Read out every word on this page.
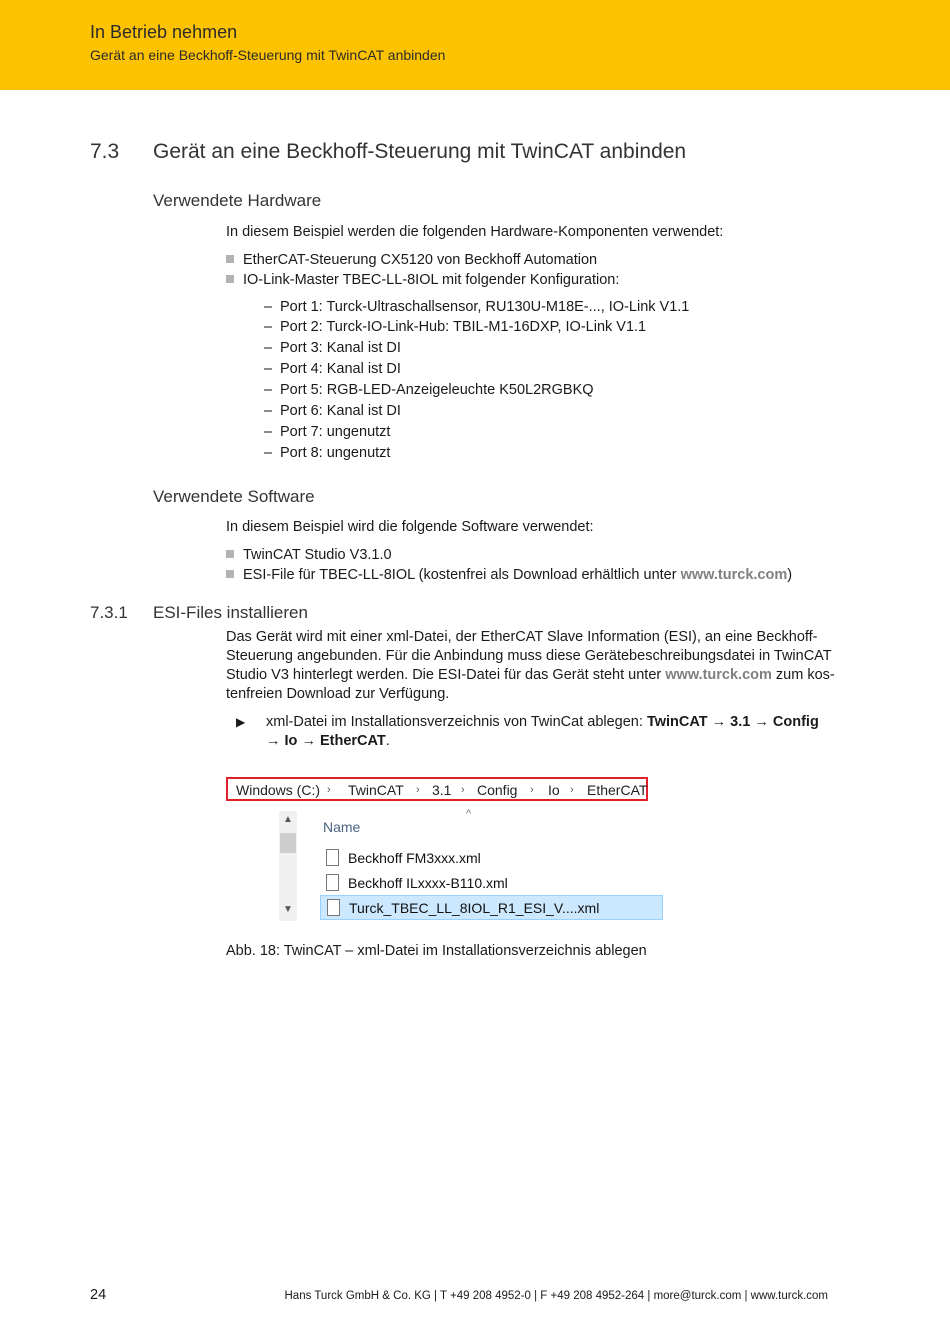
In Betrieb nehmen
Gerät an eine Beckhoff-Steuerung mit TwinCAT anbinden
7.3 Gerät an eine Beckhoff-Steuerung mit TwinCAT anbinden
Verwendete Hardware
In diesem Beispiel werden die folgenden Hardware-Komponenten verwendet:
EtherCAT-Steuerung CX5120 von Beckhoff Automation
IO-Link-Master TBEC-LL-8IOL mit folgender Konfiguration:
– Port 1: Turck-Ultraschallsensor, RU130U-M18E-..., IO-Link V1.1
– Port 2: Turck-IO-Link-Hub: TBIL-M1-16DXP, IO-Link V1.1
– Port 3: Kanal ist DI
– Port 4: Kanal ist DI
– Port 5: RGB-LED-Anzeigeleuchte K50L2RGBKQ
– Port 6: Kanal ist DI
– Port 7: ungenutzt
– Port 8: ungenutzt
Verwendete Software
In diesem Beispiel wird die folgende Software verwendet:
TwinCAT Studio V3.1.0
ESI-File für TBEC-LL-8IOL (kostenfrei als Download erhältlich unter www.turck.com)
7.3.1 ESI-Files installieren
Das Gerät wird mit einer xml-Datei, der EtherCAT Slave Information (ESI), an eine Beckhoff-
Steuerung angebunden. Für die Anbindung muss diese Gerätebeschreibungsdatei in TwinCAT
Studio V3 hinterlegt werden. Die ESI-Datei für das Gerät steht unter www.turck.com zum kos-
tenfreien Download zur Verfügung.
▶ xml-Datei im Installationsverzeichnis von TwinCat ablegen: TwinCAT → 3.1 → Config
→ Io → EtherCAT.
Windows (C:) › TwinCAT › 3.1 › Config › Io › EtherCAT
▲
▼
^
Name
Beckhoff FM3xxx.xml
Beckhoff ILxxxx-B110.xml
Turck_TBEC_LL_8IOL_R1_ESI_V....xml
Abb. 18: TwinCAT – xml-Datei im Installationsverzeichnis ablegen
24	Hans Turck GmbH & Co. KG | T +49 208 4952-0 | F +49 208 4952-264 | more@turck.com | www.turck.com
